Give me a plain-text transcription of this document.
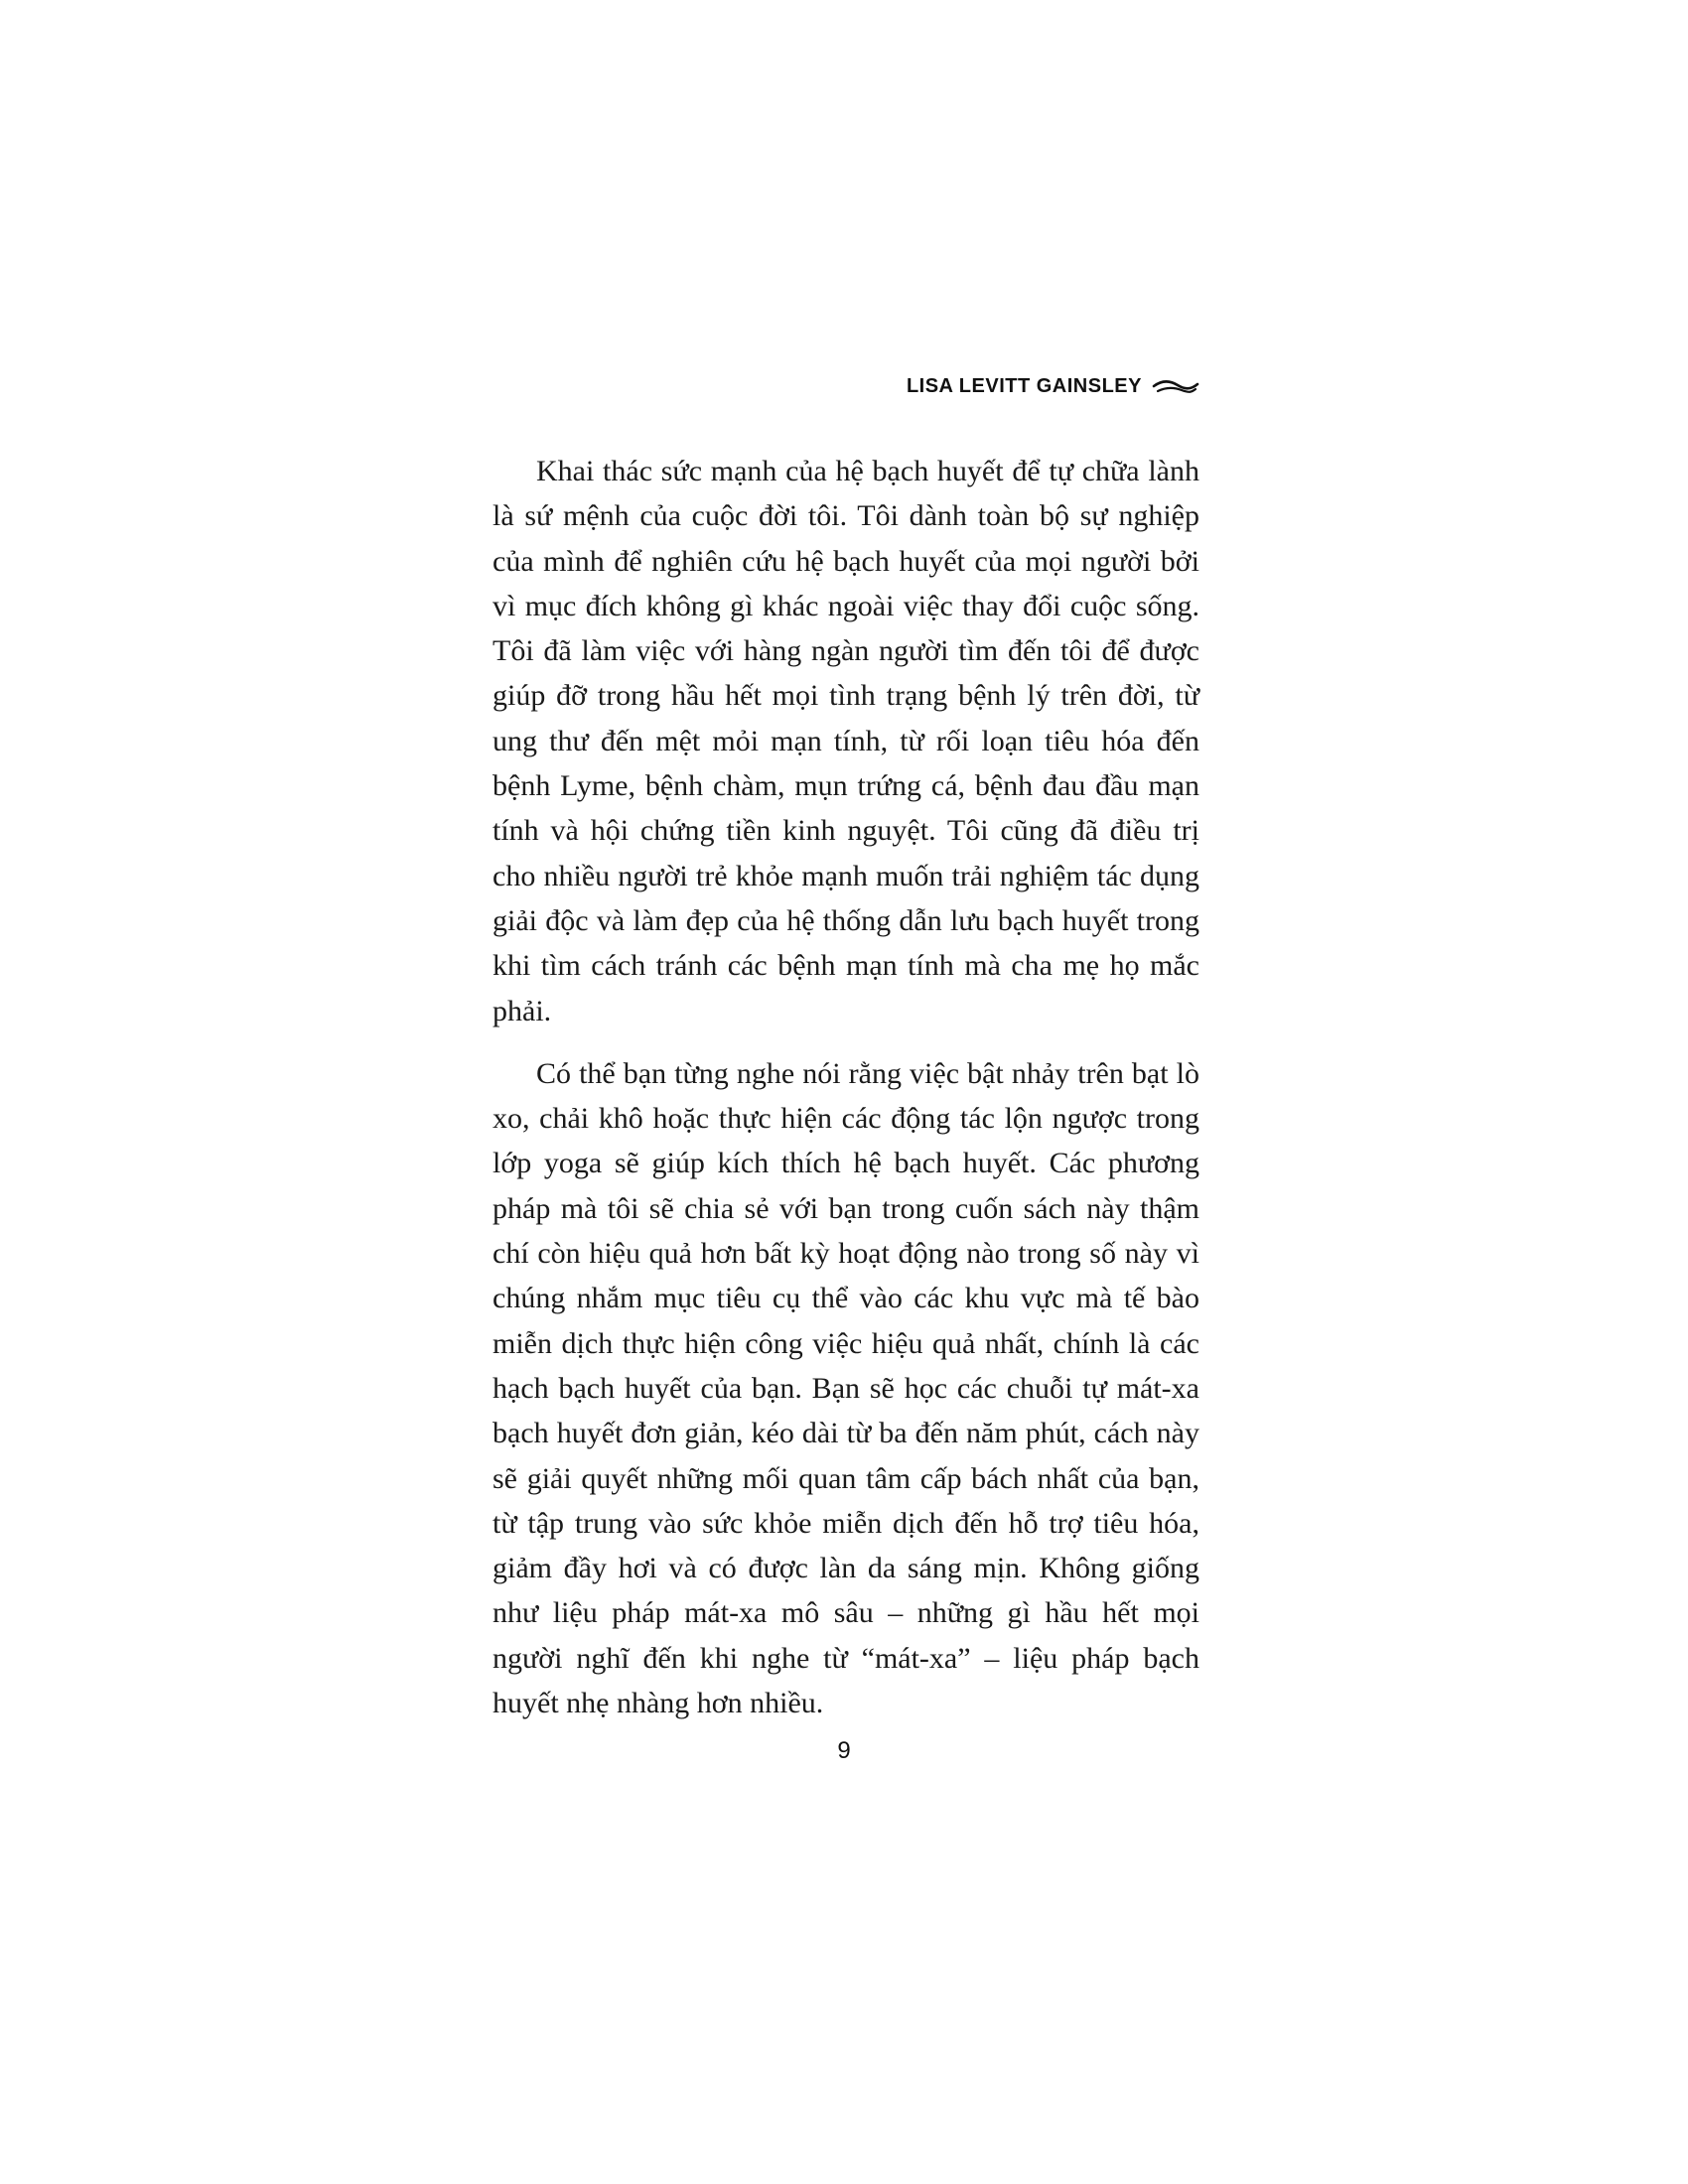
LISA LEVITT GAINSLEY

Khai thác sức mạnh của hệ bạch huyết để tự chữa lành là sứ mệnh của cuộc đời tôi. Tôi dành toàn bộ sự nghiệp của mình để nghiên cứu hệ bạch huyết của mọi người bởi vì mục đích không gì khác ngoài việc thay đổi cuộc sống. Tôi đã làm việc với hàng ngàn người tìm đến tôi để được giúp đỡ trong hầu hết mọi tình trạng bệnh lý trên đời, từ ung thư đến mệt mỏi mạn tính, từ rối loạn tiêu hóa đến bệnh Lyme, bệnh chàm, mụn trứng cá, bệnh đau đầu mạn tính và hội chứng tiền kinh nguyệt. Tôi cũng đã điều trị cho nhiều người trẻ khỏe mạnh muốn trải nghiệm tác dụng giải độc và làm đẹp của hệ thống dẫn lưu bạch huyết trong khi tìm cách tránh các bệnh mạn tính mà cha mẹ họ mắc phải.

Có thể bạn từng nghe nói rằng việc bật nhảy trên bạt lò xo, chải khô hoặc thực hiện các động tác lộn ngược trong lớp yoga sẽ giúp kích thích hệ bạch huyết. Các phương pháp mà tôi sẽ chia sẻ với bạn trong cuốn sách này thậm chí còn hiệu quả hơn bất kỳ hoạt động nào trong số này vì chúng nhắm mục tiêu cụ thể vào các khu vực mà tế bào miễn dịch thực hiện công việc hiệu quả nhất, chính là các hạch bạch huyết của bạn. Bạn sẽ học các chuỗi tự mát-xa bạch huyết đơn giản, kéo dài từ ba đến năm phút, cách này sẽ giải quyết những mối quan tâm cấp bách nhất của bạn, từ tập trung vào sức khỏe miễn dịch đến hỗ trợ tiêu hóa, giảm đầy hơi và có được làn da sáng mịn. Không giống như liệu pháp mát-xa mô sâu – những gì hầu hết mọi người nghĩ đến khi nghe từ “mát-xa” – liệu pháp bạch huyết nhẹ nhàng hơn nhiều.

9
